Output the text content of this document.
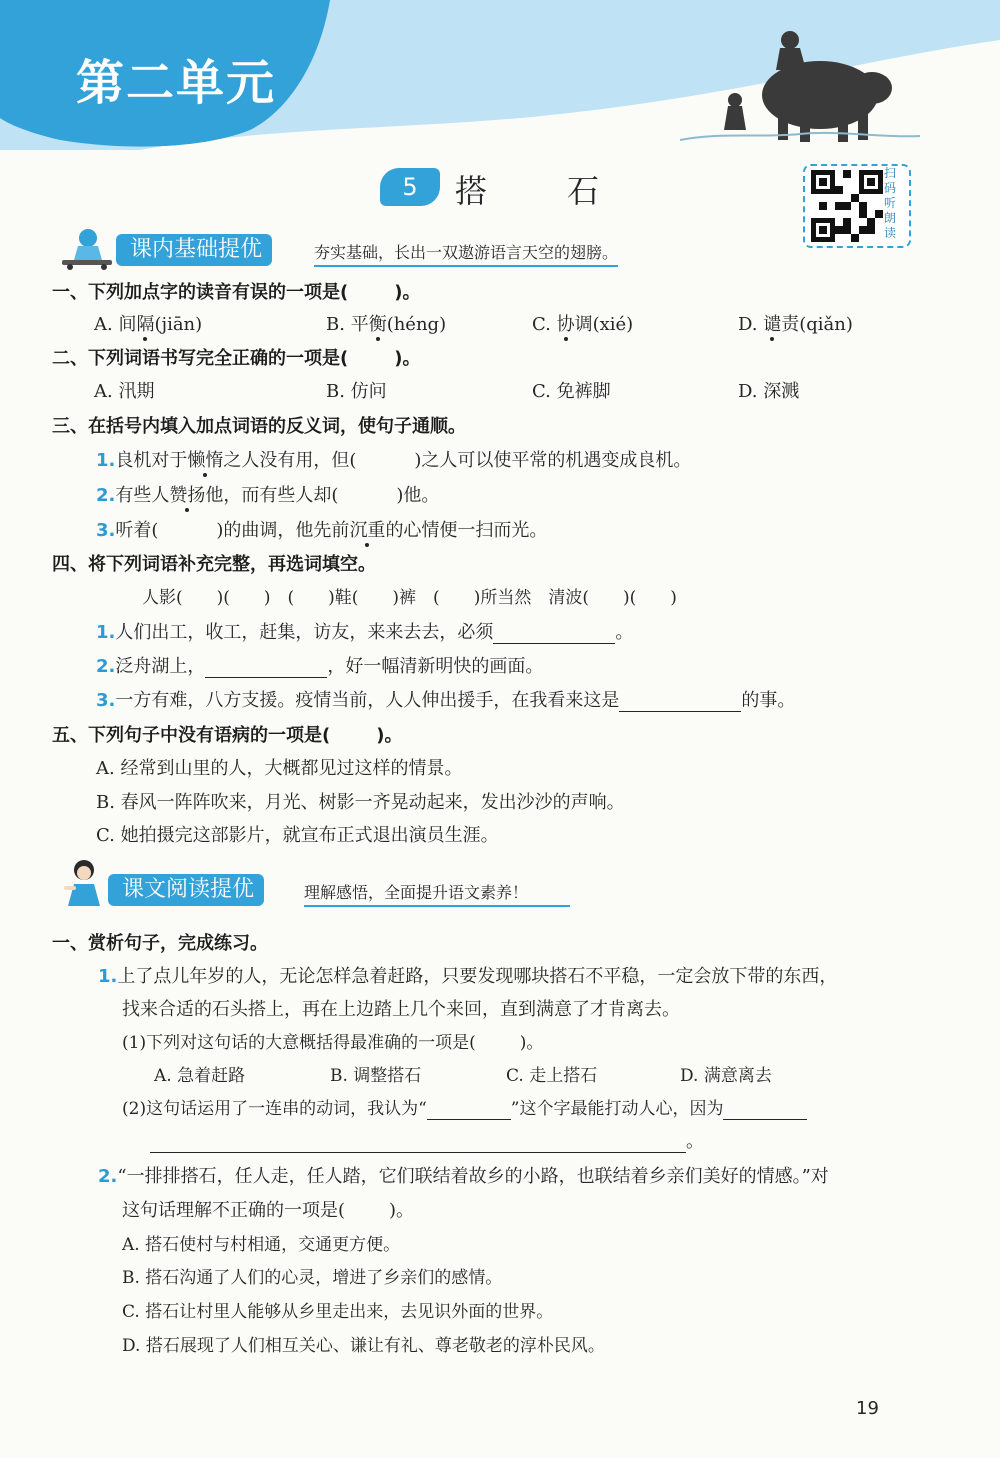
第二单元
5	搭	石	扫码听朗读
课内基础提优	夯实基础，长出一双遨游语言天空的翅膀。
一、下列加点字的读音有误的一项是(	)。
A. 间隔(jiān)	B. 平衡(héng)	C. 协调(xié)	D. 谴责(qiǎn)
二、下列词语书写完全正确的一项是(	)。
A. 汛期	B. 仿问	C. 免裤脚	D. 深溅
三、在括号内填入加点词语的反义词，使句子通顺。
1.良机对于懒惰之人没有用，但(	)之人可以使平常的机遇变成良机。
2.有些人赞扬他，而有些人却(	)他。
3.听着(	)的曲调，他先前沉重的心情便一扫而光。
四、将下列词语补充完整，再选词填空。
人影(　　)(　　)　(　　)鞋(　　)裤　(　　)所当然　清波(　　)(　　)
1.人们出工，收工，赶集，访友，来来去去，必须	。
2.泛舟湖上，	，好一幅清新明快的画面。
3.一方有难，八方支援。疫情当前，人人伸出援手，在我看来这是	的事。
五、下列句子中没有语病的一项是(	)。
A. 经常到山里的人，大概都见过这样的情景。
B. 春风一阵阵吹来，月光、树影一齐晃动起来，发出沙沙的声响。
C. 她拍摄完这部影片，就宣布正式退出演员生涯。
课文阅读提优	理解感悟，全面提升语文素养！
一、赏析句子，完成练习。
1.上了点儿年岁的人，无论怎样急着赶路，只要发现哪块搭石不平稳，一定会放下带的东西，
找来合适的石头搭上，再在上边踏上几个来回，直到满意了才肯离去。
(1)下列对这句话的大意概括得最准确的一项是(	)。
A. 急着赶路	B. 调整搭石	C. 走上搭石	D. 满意离去
(2)这句话运用了一连串的动词，我认为“	”这个字最能打动人心，因为
。
2.“一排排搭石，任人走，任人踏，它们联结着故乡的小路，也联结着乡亲们美好的情感。”对
这句话理解不正确的一项是( )。
A. 搭石使村与村相通，交通更方便。
B. 搭石沟通了人们的心灵，增进了乡亲们的感情。
C. 搭石让村里人能够从乡里走出来，去见识外面的世界。
D. 搭石展现了人们相互关心、谦让有礼、尊老敬老的淳朴民风。
19
